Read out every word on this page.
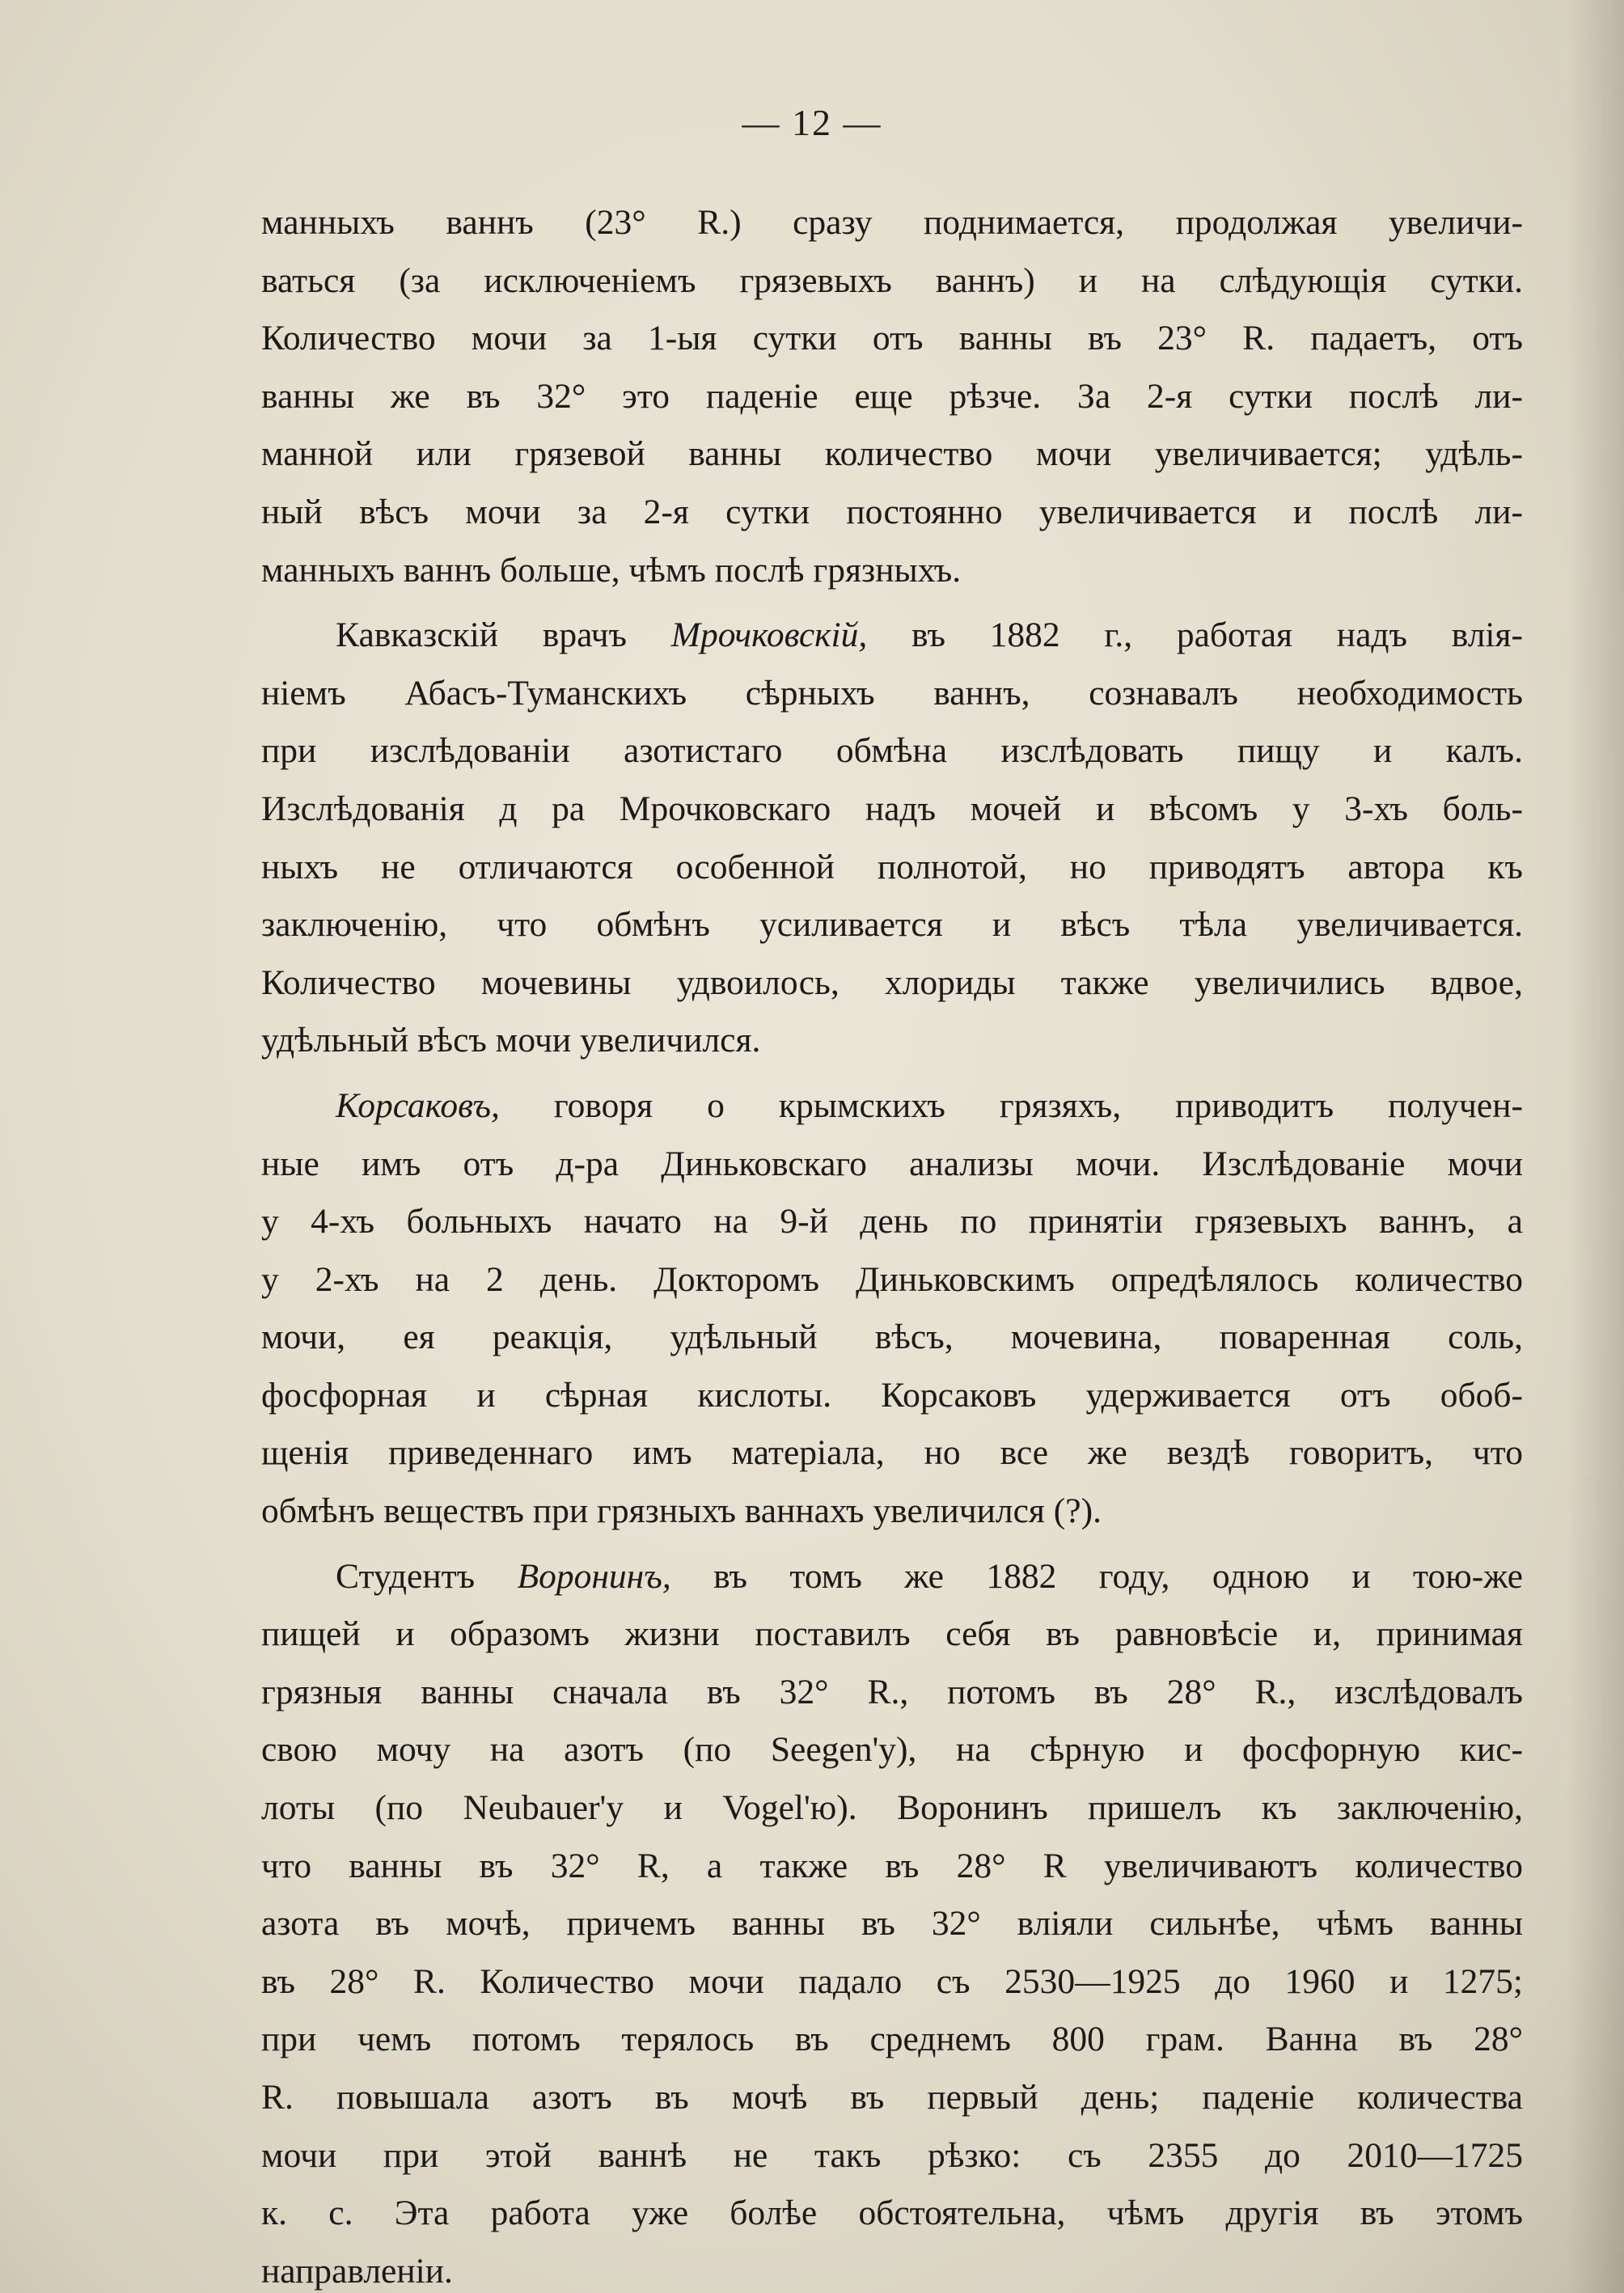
— 12 —
манныхъ ваннъ (23° R.) сразу поднимается, продолжая увеличи-
ваться (за исключеніемъ грязевыхъ ваннъ) и на слѣдующія сутки.
Количество мочи за 1-ыя сутки отъ ванны въ 23° R. падаетъ, отъ
ванны же въ 32° это паденіе еще рѣзче. За 2-я сутки послѣ ли-
манной или грязевой ванны количество мочи увеличивается; удѣль-
ный вѣсъ мочи за 2-я сутки постоянно увеличивается и послѣ ли-
манныхъ ваннъ больше, чѣмъ послѣ грязныхъ.
Кавказскій врачъ Мрочковскій, въ 1882 г., работая надъ влія-
ніемъ Абасъ-Туманскихъ сѣрныхъ ваннъ, сознавалъ необходимость
при изслѣдованіи азотистаго обмѣна изслѣдовать пищу и калъ.
Изслѣдованія д ра Мрочковскаго надъ мочей и вѣсомъ у 3-хъ боль-
ныхъ не отличаются особенной полнотой, но приводятъ автора къ
заключенію, что обмѣнъ усиливается и вѣсъ тѣла увеличивается.
Количество мочевины удвоилось, хлориды также увеличились вдвое,
удѣльный вѣсъ мочи увеличился.
Корсаковъ, говоря о крымскихъ грязяхъ, приводитъ получен-
ные имъ отъ д-ра Диньковскаго анализы мочи. Изслѣдованіе мочи
у 4-хъ больныхъ начато на 9-й день по принятіи грязевыхъ ваннъ, а
у 2-хъ на 2 день. Докторомъ Диньковскимъ опредѣлялось количество
мочи, ея реакція, удѣльный вѣсъ, мочевина, поваренная соль,
фосфорная и сѣрная кислоты. Корсаковъ удерживается отъ обоб-
щенія приведеннаго имъ матеріала, но все же вездѣ говоритъ, что
обмѣнъ веществъ при грязныхъ ваннахъ увеличился (?).
Студентъ Воронинъ, въ томъ же 1882 году, одною и тою-же
пищей и образомъ жизни поставилъ себя въ равновѣсіе и, принимая
грязныя ванны сначала въ 32° R., потомъ въ 28° R., изслѣдовалъ
свою мочу на азотъ (по Seegen'у), на сѣрную и фосфорную кис-
лоты (по Neubauer'у и Vogel'ю). Воронинъ пришелъ къ заключенію,
что ванны въ 32° R, а также въ 28° R увеличиваютъ количество
азота въ мочѣ, причемъ ванны въ 32° вліяли сильнѣе, чѣмъ ванны
въ 28° R. Количество мочи падало съ 2530—1925 до 1960 и 1275;
при чемъ потомъ терялось въ среднемъ 800 грам. Ванна въ 28°
R. повышала азотъ въ мочѣ въ первый день; паденіе количества
мочи при этой ваннѣ не такъ рѣзко: съ 2355 до 2010—1725
к. с. Эта работа уже болѣе обстоятельна, чѣмъ другія въ этомъ
направленіи.
